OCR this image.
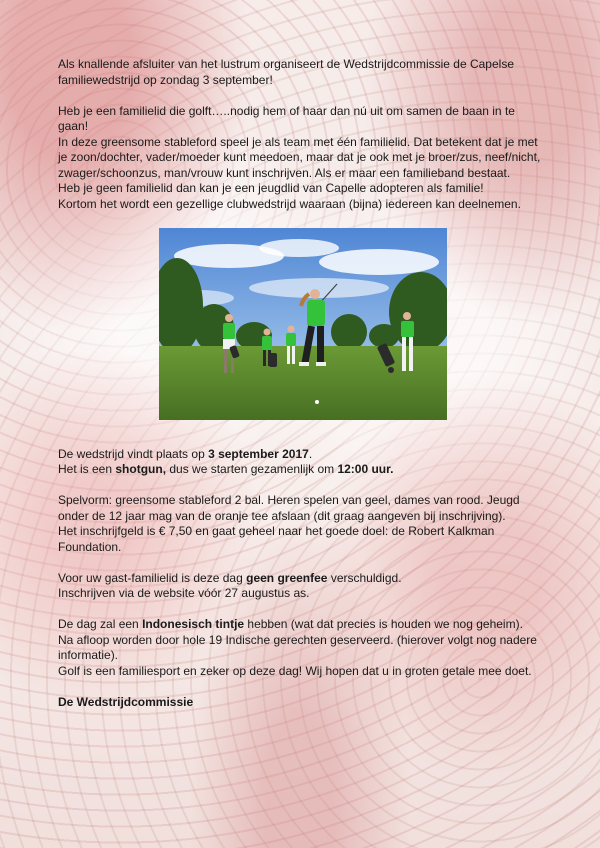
Als knallende afsluiter van het lustrum organiseert de Wedstrijdcommissie de Capelse familiewedstrijd op zondag 3 september!

Heb je een familielid die golft…..nodig hem of haar dan nú uit om samen de baan in te gaan!
In deze greensome stableford speel je als team met één familielid. Dat betekent dat je met je zoon/dochter, vader/moeder kunt meedoen, maar dat je ook met je broer/zus, neef/nicht, zwager/schoonzus, man/vrouw kunt inschrijven. Als er maar een familieband bestaat.
Heb je geen familielid dan kan je een jeugdlid van Capelle adopteren als familie!
Kortom het wordt een gezellige clubwedstrijd waaraan (bijna) iedereen kan deelnemen.

De wedstrijd vindt plaats op 3 september 2017.
Het is een shotgun, dus we starten gezamenlijk om 12:00 uur.

Spelvorm: greensome stableford 2 bal. Heren spelen van geel, dames van rood. Jeugd onder de 12 jaar mag van de oranje tee afslaan (dit graag aangeven bij inschrijving).
Het inschrijfgeld is € 7,50 en gaat geheel naar het goede doel: de Robert Kalkman Foundation.

Voor uw gast-familielid is deze dag geen greenfee verschuldigd.
Inschrijven via de website vóór 27 augustus as.

De dag zal een Indonesisch tintje hebben (wat dat precies is houden we nog geheim).
Na afloop worden door hole 19 Indische gerechten geserveerd. (hierover volgt nog nadere informatie).
Golf is een familiesport en zeker op deze dag! Wij hopen dat u in groten getale mee doet.

De Wedstrijdcommissie
